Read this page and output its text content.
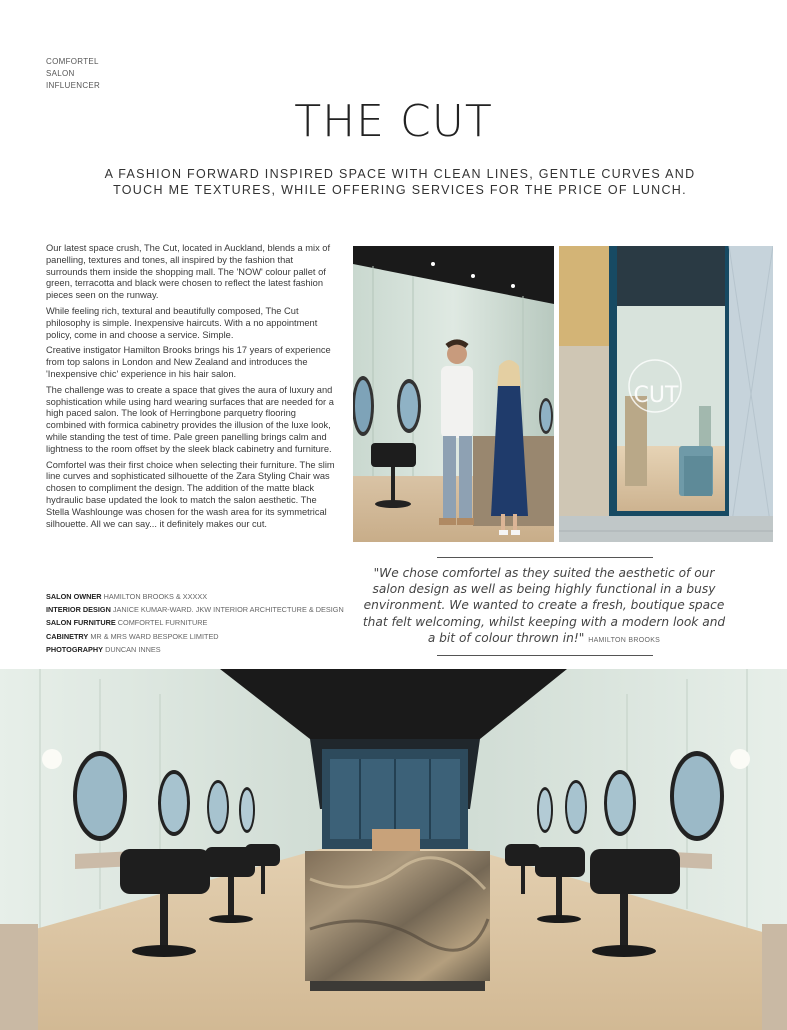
COMFORTEL
SALON
INFLUENCER
THE CUT
A FASHION FORWARD INSPIRED SPACE WITH CLEAN LINES, GENTLE CURVES AND TOUCH ME TEXTURES, WHILE OFFERING SERVICES FOR THE PRICE OF LUNCH.

Our latest space crush, The Cut, located in Auckland, blends a mix of panelling, textures and tones, all inspired by the fashion that surrounds them inside the shopping mall. The 'NOW' colour pallet of green, terracotta and black were chosen to reflect the latest fashion pieces seen on the runway.

While feeling rich, textural and beautifully composed, The Cut philosophy is simple. Inexpensive haircuts. With a no appointment policy, come in and choose a service. Simple.

Creative instigator Hamilton Brooks brings his 17 years of experience from top salons in London and New Zealand and introduces the 'Inexpensive chic' experience in his hair salon.

The challenge was to create a space that gives the aura of luxury and sophistication while using hard wearing surfaces that are needed for a high paced salon. The look of Herringbone parquetry flooring combined with formica cabinetry provides the illusion of the luxe look, while standing the test of time. Pale green panelling brings calm and lightness to the room offset by the sleek black cabinetry and furniture.

Comfortel was their first choice when selecting their furniture. The slim line curves and sophisticated silhouette of the Zara Styling Chair was chosen to compliment the design. The addition of the matte black hydraulic base updated the look to match the salon aesthetic. The Stella Washlounge was chosen for the wash area for its symmetrical silhouette. All we can say... it definitely makes our cut.

SALON OWNER HAMILTON BROOKS & XXXXX
INTERIOR DESIGN JANICE KUMAR-WARD. JKW INTERIOR ARCHITECTURE & DESIGN
SALON FURNITURE COMFORTEL FURNITURE
CABINETRY MR & MRS WARD BESPOKE LIMITED
PHOTOGRAPHY DUNCAN INNES
CUT
"We chose comfortel as they suited the aesthetic of our salon design as well as being highly functional in a busy environment. We wanted to create a fresh, boutique space that felt welcoming, whilst keeping with a modern look and a bit of colour thrown in!" HAMILTON BROOKS
